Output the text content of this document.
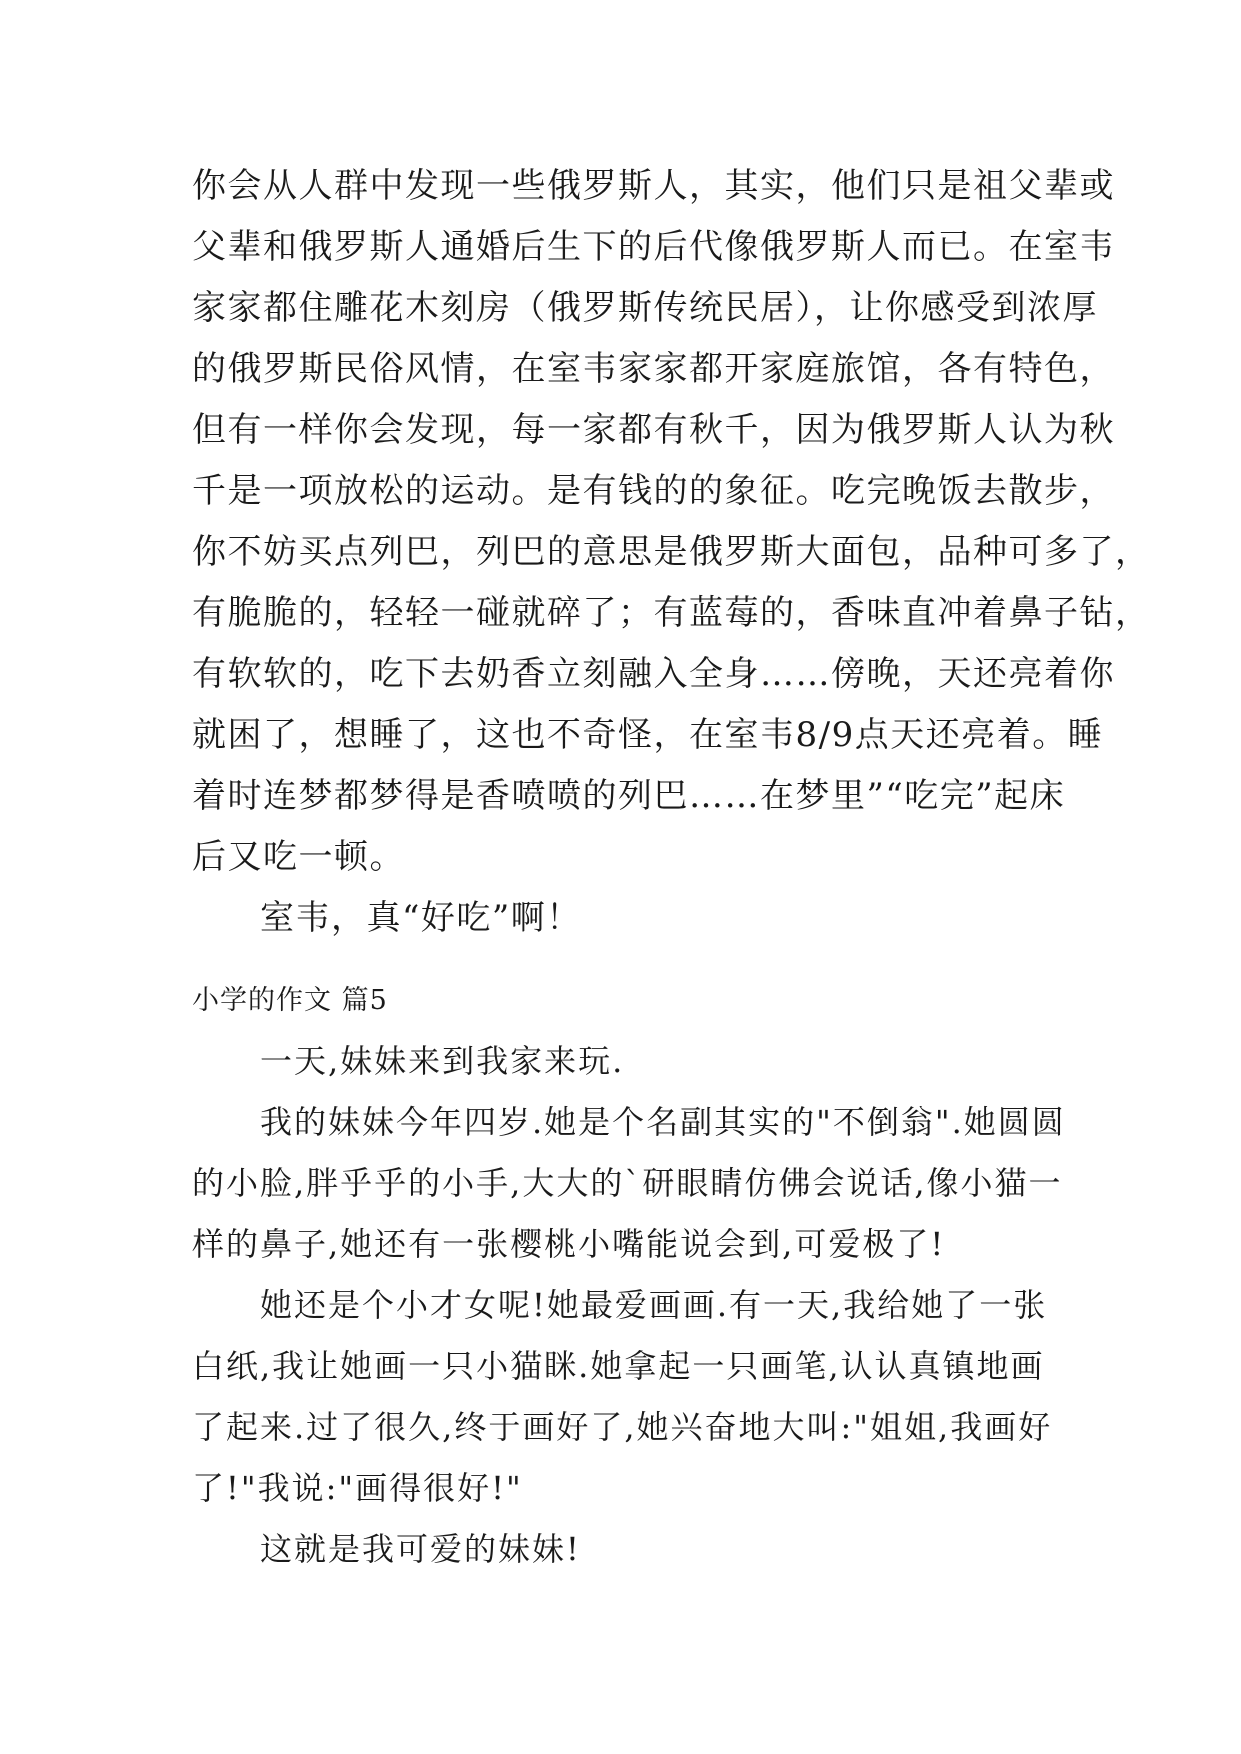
你会从人群中发现一些俄罗斯人，其实，他们只是祖父辈或
父辈和俄罗斯人通婚后生下的后代像俄罗斯人而已。在室韦
家家都住雕花木刻房（俄罗斯传统民居），让你感受到浓厚
的俄罗斯民俗风情，在室韦家家都开家庭旅馆，各有特色，
但有一样你会发现，每一家都有秋千，因为俄罗斯人认为秋
千是一项放松的运动。是有钱的的象征。吃完晚饭去散步，
你不妨买点列巴，列巴的意思是俄罗斯大面包，品种可多了，
有脆脆的，轻轻一碰就碎了；有蓝莓的，香味直冲着鼻子钻，
有软软的，吃下去奶香立刻融入全身……傍晚，天还亮着你
就困了，想睡了，这也不奇怪，在室韦8/9点天还亮着。睡
着时连梦都梦得是香喷喷的列巴……在梦里”“吃完”起床
后又吃一顿。
室韦，真“好吃”啊！
小学的作文 篇5
一天,妹妹来到我家来玩.
我的妹妹今年四岁.她是个名副其实的"不倒翁".她圆圆
的小脸,胖乎乎的小手,大大的`研眼睛仿佛会说话,像小猫一
样的鼻子,她还有一张樱桃小嘴能说会到,可爱极了!
她还是个小才女呢!她最爱画画.有一天,我给她了一张
白纸,我让她画一只小猫眯.她拿起一只画笔,认认真镇地画
了起来.过了很久,终于画好了,她兴奋地大叫:"姐姐,我画好
了!"我说:"画得很好!"
这就是我可爱的妹妹!
